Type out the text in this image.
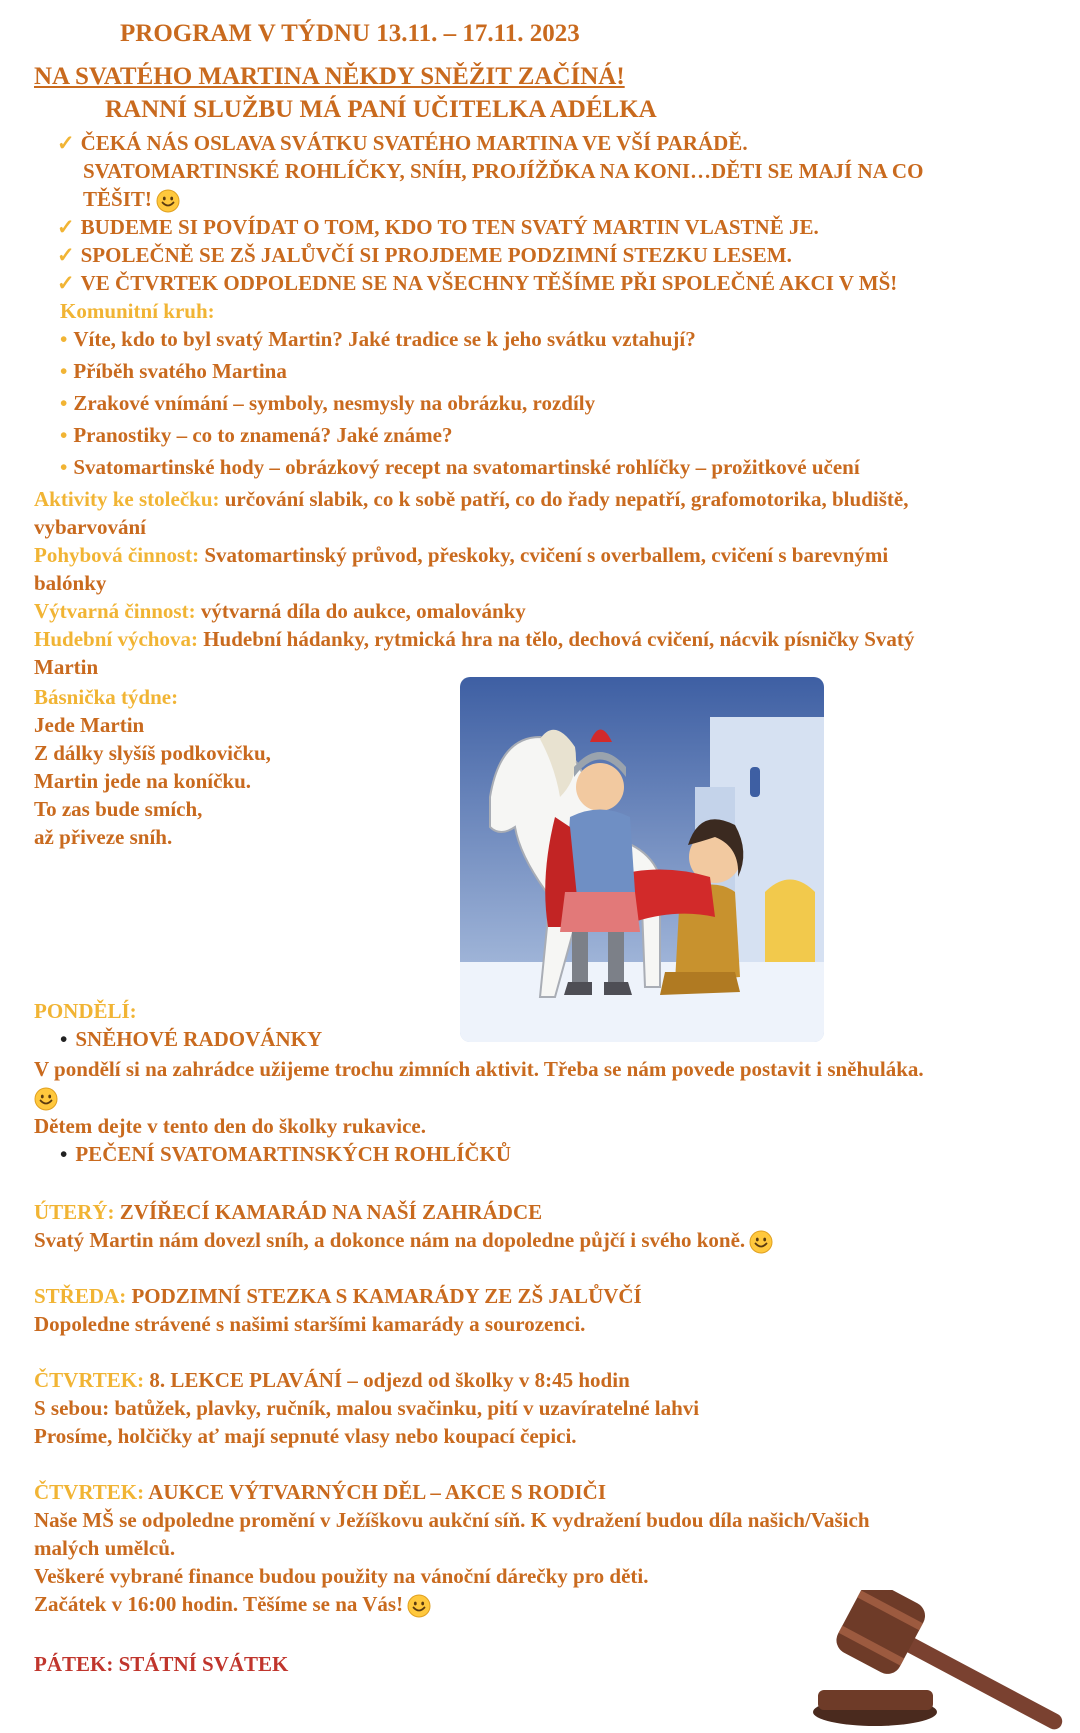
PROGRAM V TÝDNU 13.11. – 17.11. 2023
NA SVATÉHO MARTINA NĚKDY SNĚŽIT ZAČÍNÁ!
RANNÍ SLUŽBU MÁ PANÍ UČITELKA ADÉLKA
✓ ČEKÁ NÁS OSLAVA SVÁTKU SVATÉHO MARTINA VE VŠÍ PARÁDĚ.
SVATOMARTINSKÉ ROHLÍČKY, SNÍH, PROJÍŽĎKA NA KONI…DĚTI SE MAJÍ NA CO
TĚŠIT!
✓ BUDEME SI POVÍDAT O TOM, KDO TO TEN SVATÝ MARTIN VLASTNĚ JE.
✓ SPOLEČNĚ SE ZŠ JALŮVČÍ SI PROJDEME PODZIMNÍ STEZKU LESEM.
✓ VE ČTVRTEK ODPOLEDNE SE NA VŠECHNY TĚŠÍME PŘI SPOLEČNÉ AKCI V MŠ!
Komunitní kruh:
• Víte, kdo to byl svatý Martin? Jaké tradice se k jeho svátku vztahují?
• Příběh svatého Martina
• Zrakové vnímání – symboly, nesmysly na obrázku, rozdíly
• Pranostiky – co to znamená? Jaké známe?
• Svatomartinské hody – obrázkový recept na svatomartinské rohlíčky – prožitkové učení
Aktivity ke stolečku: určování slabik, co k sobě patří, co do řady nepatří, grafomotorika, bludiště,
vybarvování
Pohybová činnost: Svatomartinský průvod, přeskoky, cvičení s overballem, cvičení s barevnými
balónky
Výtvarná činnost: výtvarná díla do aukce, omalovánky
Hudební výchova: Hudební hádanky, rytmická hra na tělo, dechová cvičení, nácvik písničky Svatý
Martin
Básnička týdne:
Jede Martin
Z dálky slyšíš podkovičku,
Martin jede na koníčku.
To zas bude smích,
až přiveze sníh.
PONDĚLÍ:
• SNĚHOVÉ RADOVÁNKY
V pondělí si na zahrádce užijeme trochu zimních aktivit. Třeba se nám povede postavit i sněhuláka.
Dětem dejte v tento den do školky rukavice.
• PEČENÍ SVATOMARTINSKÝCH ROHLÍČKŮ
ÚTERÝ: ZVÍŘECÍ KAMARÁD NA NAŠÍ ZAHRÁDCE
Svatý Martin nám dovezl sníh, a dokonce nám na dopoledne půjčí i svého koně.
STŘEDA: PODZIMNÍ STEZKA S KAMARÁDY ZE ZŠ JALŮVČÍ
Dopoledne strávené s našimi staršími kamarády a sourozenci.
ČTVRTEK: 8. LEKCE PLAVÁNÍ – odjezd od školky v 8:45 hodin
S sebou: batůžek, plavky, ručník, malou svačinku, pití v uzavíratelné lahvi
Prosíme, holčičky ať mají sepnuté vlasy nebo koupací čepici.
ČTVRTEK: AUKCE VÝTVARNÝCH DĚL – AKCE S RODIČI
Naše MŠ se odpoledne promění v Ježíškovu aukční síň. K vydražení budou díla našich/Vašich
malých umělců.
Veškeré vybrané finance budou použity na vánoční dárečky pro děti.
Začátek v 16:00 hodin. Těšíme se na Vás!
PÁTEK: STÁTNÍ SVÁTEK
